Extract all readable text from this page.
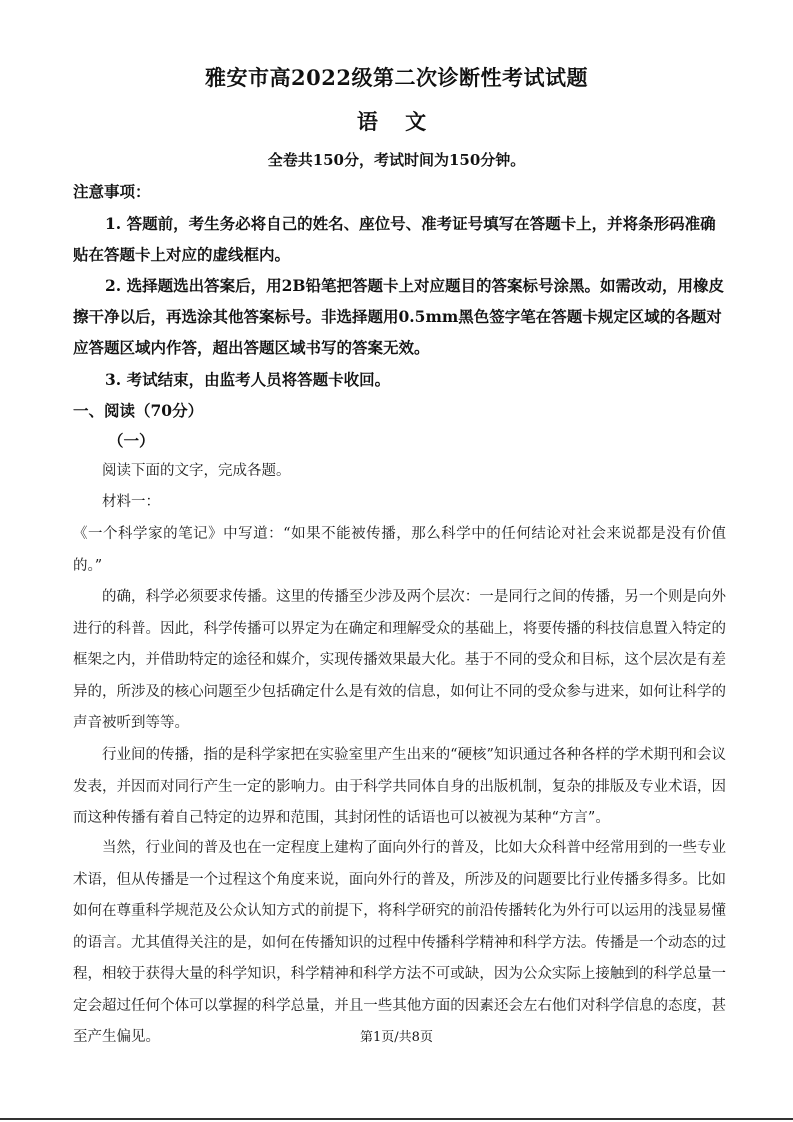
雅安市高2022级第二次诊断性考试试题
语 文
全卷共150分，考试时间为150分钟。
注意事项：
1. 答题前，考生务必将自己的姓名、座位号、准考证号填写在答题卡上，并将条形码准确贴在答题卡上对应的虚线框内。
2. 选择题选出答案后，用2B铅笔把答题卡上对应题目的答案标号涂黑。如需改动，用橡皮擦干净以后，再选涂其他答案标号。非选择题用0.5mm黑色签字笔在答题卡规定区域的各题对应答题区域内作答，超出答题区域书写的答案无效。
3. 考试结束，由监考人员将答题卡收回。
一、阅读（70分）
（一）
阅读下面的文字，完成各题。
材料一：
《一个科学家的笔记》中写道：“如果不能被传播，那么科学中的任何结论对社会来说都是没有价值的。”
的确，科学必须要求传播。这里的传播至少涉及两个层次：一是同行之间的传播，另一个则是向外进行的科普。因此，科学传播可以界定为在确定和理解受众的基础上，将要传播的科技信息置入特定的框架之内，并借助特定的途径和媒介，实现传播效果最大化。基于不同的受众和目标，这个层次是有差异的，所涉及的核心问题至少包括确定什么是有效的信息，如何让不同的受众参与进来，如何让科学的声音被听到等等。
行业间的传播，指的是科学家把在实验室里产生出来的“硬核”知识通过各种各样的学术期刊和会议发表，并因而对同行产生一定的影响力。由于科学共同体自身的出版机制，复杂的排版及专业术语，因而这种传播有着自己特定的边界和范围，其封闭性的话语也可以被视为某种“方言”。
当然，行业间的普及也在一定程度上建构了面向外行的普及，比如大众科普中经常用到的一些专业术语，但从传播是一个过程这个角度来说，面向外行的普及，所涉及的问题要比行业传播多得多。比如如何在尊重科学规范及公众认知方式的前提下，将科学研究的前沿传播转化为外行可以运用的浅显易懂的语言。尤其值得关注的是，如何在传播知识的过程中传播科学精神和科学方法。传播是一个动态的过程，相较于获得大量的科学知识，科学精神和科学方法不可或缺，因为公众实际上接触到的科学总量一定会超过任何个体可以掌握的科学总量，并且一些其他方面的因素还会左右他们对科学信息的态度，甚至产生偏见。	第1页/共8页
